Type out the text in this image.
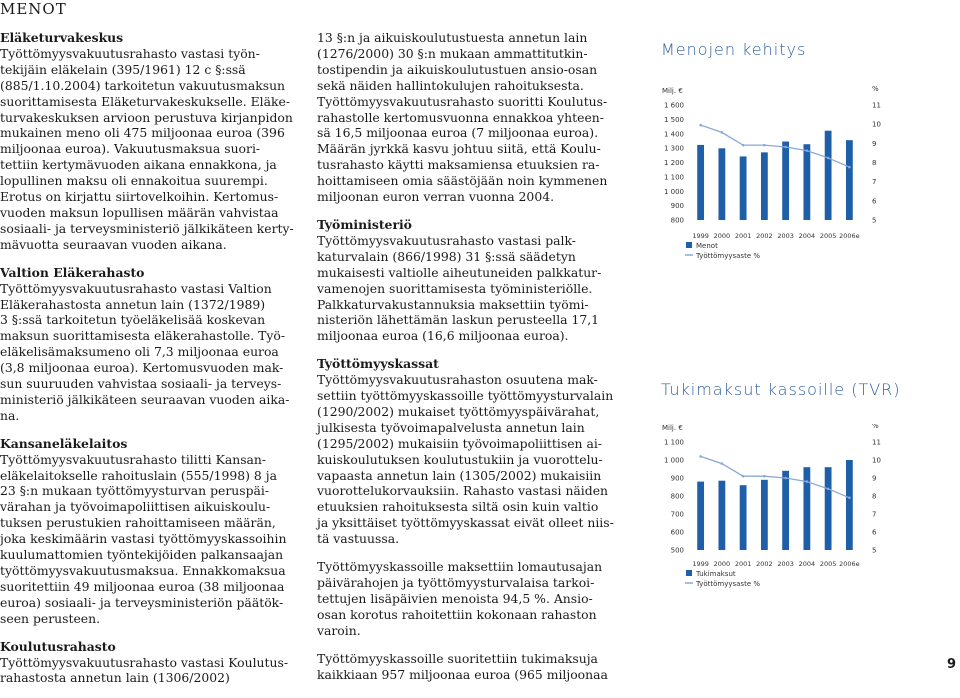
MENOT
Eläketurvakeskus

Työttömyysvakuutusrahasto vastasi työn-
tekijäin eläkelain (395/1961) 12 c §:ssä
(885/1.10.2004) tarkoitetun vakuutusmaksun
suorittamisesta Eläketurvakeskukselle. Eläke-
turvakeskuksen arvioon perustuva kirjanpidon
mukainen meno oli 475 miljoonaa euroa (396
miljoonaa euroa). Vakuutusmaksua suori-
tettiin kertymävuoden aikana ennakkona, ja
lopullinen maksu oli ennakoitua suurempi.
Erotus on kirjattu siirtovelkoihin. Kertomus-
vuoden maksun lopullisen määrän vahvistaa
sosiaali- ja terveysministeriö jälkikäteen kerty-
mävuotta seuraavan vuoden aikana.

Valtion Eläkerahasto

Työttömyysvakuutusrahasto vastasi Valtion
Eläkerahastosta annetun lain (1372/1989)
3 §:ssä tarkoitetun työeläkelisää koskevan
maksun suorittamisesta eläkerahastolle. Työ-
eläkelisämaksumeno oli 7,3 miljoonaa euroa
(3,8 miljoonaa euroa). Kertomusvuoden mak-
sun suuruuden vahvistaa sosiaali- ja terveys-
ministeriö jälkikäteen seuraavan vuoden aika-
na.

Kansaneläkelaitos

Työttömyysvakuutusrahasto tilitti Kansan-
eläkelaitokselle rahoituslain (555/1998) 8 ja
23 §:n mukaan työttömyysturvan peruspäi-
värahan ja työvoimapoliittisen aikuiskoulu-
tuksen perustukien rahoittamiseen määrän,
joka keskimäärin vastasi työttömyyskassoihin
kuulumattomien työntekijöiden palkansaajan
työttömyysvakuutusmaksua. Ennakkomaksua
suoritettiin 49 miljoonaa euroa (38 miljoonaa
euroa) sosiaali- ja terveysministeriön päätök-
seen perusteen.

Koulutusrahasto

Työttömyysvakuutusrahasto vastasi Koulutus-
rahastosta annetun lain (1306/2002)

13 §:n ja aikuiskoulutustuesta annetun lain
(1276/2000) 30 §:n mukaan ammattitutkin-
tostipendin ja aikuiskoulutustuen ansio-osan
sekä näiden hallintokulujen rahoituksesta.
Työttömyysvakuutusrahasto suoritti Koulutus-
rahastolle kertomusvuonna ennakkoa yhteen-
sä 16,5 miljoonaa euroa (7 miljoonaa euroa).
Määrän jyrkkä kasvu johtuu siitä, että Koulu-
tusrahasto käytti maksamiensa etuuksien ra-
hoittamiseen omia säästöjään noin kymmenen
miljoonan euron verran vuonna 2004.

Työministeriö

Työttömyysvakuutusrahasto vastasi palk-
katurvalain (866/1998) 31 §:ssä säädetyn
mukaisesti valtiolle aiheutuneiden palkkatur-
vamenojen suorittamisesta työministeriölle.
Palkkaturvakustannuksia maksettiin työmi-
nisteriön lähettämän laskun perusteella 17,1
miljoonaa euroa (16,6 miljoonaa euroa).

Työttömyyskassat

Työttömyysvakuutusrahaston osuutena mak-
settiin työttömyyskassoille työttömyysturvalain
(1290/2002) mukaiset työttömyyspäivärahat,
julkisesta työvoimapalvelusta annetun lain
(1295/2002) mukaisiin työvoimapoliittisen ai-
kuiskoulutuksen koulutustukiin ja vuorottelu-
vapaasta annetun lain (1305/2002) mukaisiin
vuorottelukorvauksiin. Rahasto vastasi näiden
etuuksien rahoituksesta siltä osin kuin valtio
ja yksittäiset työttömyyskassat eivät olleet niis-
tä vastuussa.

Työttömyyskassoille maksettiin lomautusajan
päivärahojen ja työttömyysturvalaisa tarkoi-
tettujen lisäpäivien menoista 94,5 %. Ansio-
osan korotus rahoitettiin kokonaan rahaston
varoin.

Työttömyyskassoille suoritettiin tukimaksuja
kaikkiaan 957 miljoonaa euroa (965 miljoonaa

Menojen kehitys
Milj. €	%
1 600
1 500
1 400
1 300
1 200
1 100
1 000
900
800
11
10
9
8
7
6
5
1999 2000 2001 2002 2003 2004 2005 2006e
Menot
Työttömyysaste %
Tukimaksut kassoille (TVR)
Milj. €	%
1 100
1 000
900
800
700
600
500
11
10
9
8
7
6
5
1999 2000 2001 2002 2003 2004 2005 2006e
Tukimaksut
Työttömyysaste %
9
